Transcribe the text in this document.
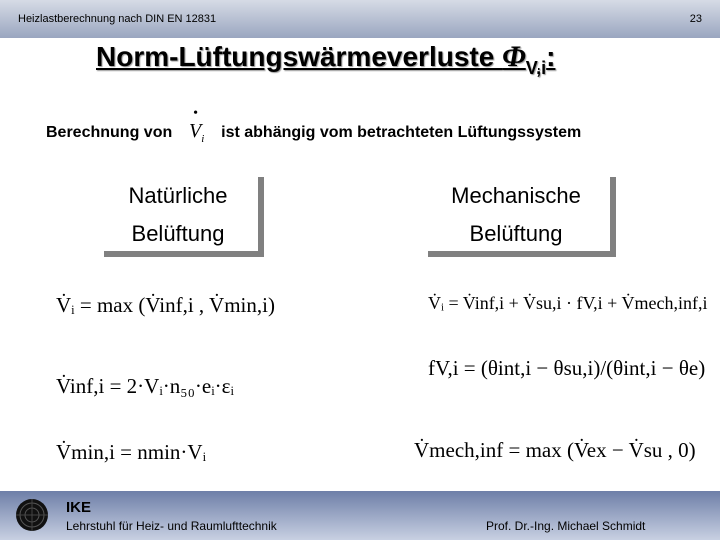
Heizlastberechnung nach DIN EN 12831	23
Norm-Lüftungswärmeverluste $\Phi_{V,i}$:
Berechnung von • $V_i$ ist abhängig vom betrachteten Lüftungssystem
Natürliche
Belüftung
Mechanische
Belüftung
V̇ᵢ = max (V̇inf,i , V̇min,i)
V̇inf,i = 2·Vᵢ·n₅₀·eᵢ·εᵢ
V̇min,i = nmin·Vᵢ
V̇ᵢ = V̇inf,i + V̇su,i · fV,i + V̇mech,inf,i
fV,i = (θint,i − θsu,i)/(θint,i − θe)
V̇mech,inf = max (V̇ex − V̇su , 0)
IKE
Lehrstuhl für Heiz- und Raumlufttechnik	Prof. Dr.-Ing. Michael Schmidt
